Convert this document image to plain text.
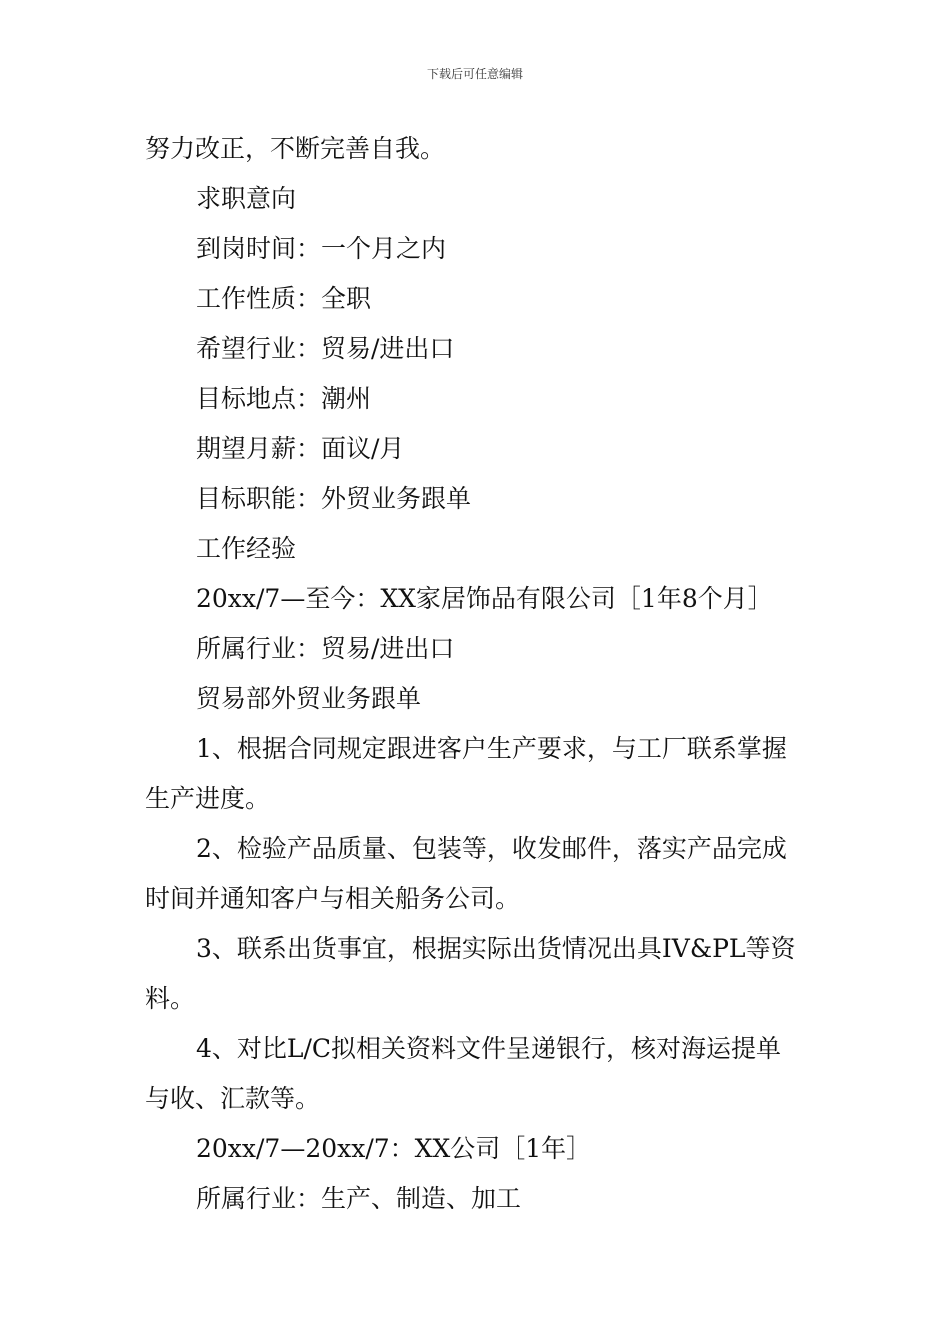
下载后可任意编辑
努力改正，不断完善自我。
求职意向
到岗时间：一个月之内
工作性质：全职
希望行业：贸易/进出口
目标地点：潮州
期望月薪：面议/月
目标职能：外贸业务跟单
工作经验
20xx/7—至今：XX家居饰品有限公司［1年8个月］
所属行业：贸易/进出口
贸易部外贸业务跟单
1、根据合同规定跟进客户生产要求，与工厂联系掌握
生产进度。
2、检验产品质量、包装等，收发邮件，落实产品完成
时间并通知客户与相关船务公司。
3、联系出货事宜，根据实际出货情况出具IV&PL等资
料。
4、对比L/C拟相关资料文件呈递银行，核对海运提单
与收、汇款等。
20xx/7—20xx/7：XX公司［1年］
所属行业：生产、制造、加工
